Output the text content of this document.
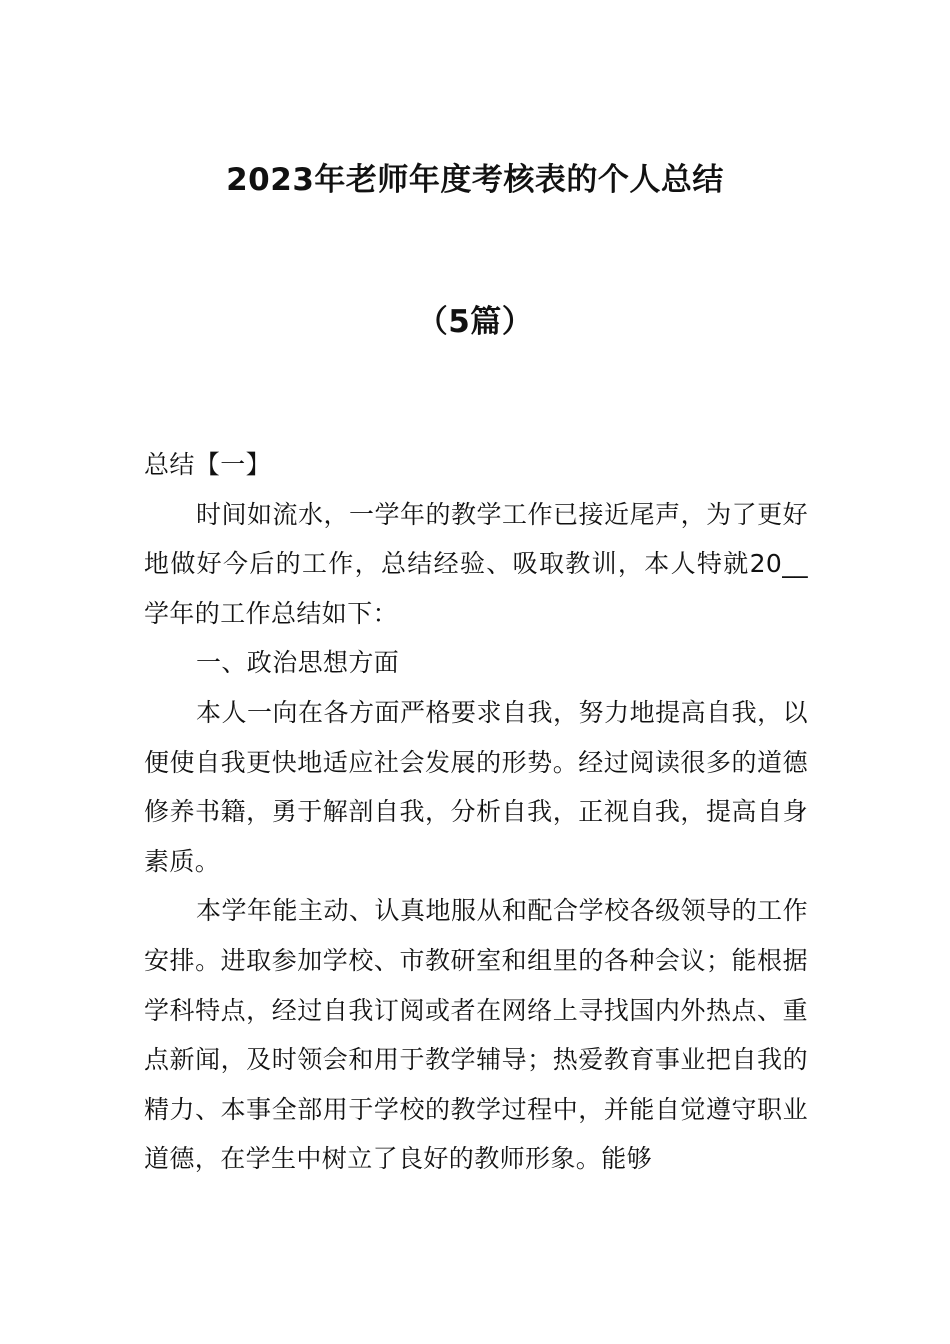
2023年老师年度考核表的个人总结
（5篇）

总结【一】

时间如流水，一学年的教学工作已接近尾声，为了更好地做好今后的工作，总结经验、吸取教训，本人特就20__学年的工作总结如下：

一、政治思想方面

本人一向在各方面严格要求自我，努力地提高自我，以便使自我更快地适应社会发展的形势。经过阅读很多的道德修养书籍，勇于解剖自我，分析自我，正视自我，提高自身素质。

本学年能主动、认真地服从和配合学校各级领导的工作安排。进取参加学校、市教研室和组里的各种会议；能根据学科特点，经过自我订阅或者在网络上寻找国内外热点、重点新闻，及时领会和用于教学辅导；热爱教育事业把自我的精力、本事全部用于学校的教学过程中，并能自觉遵守职业道德，在学生中树立了良好的教师形象。能够
